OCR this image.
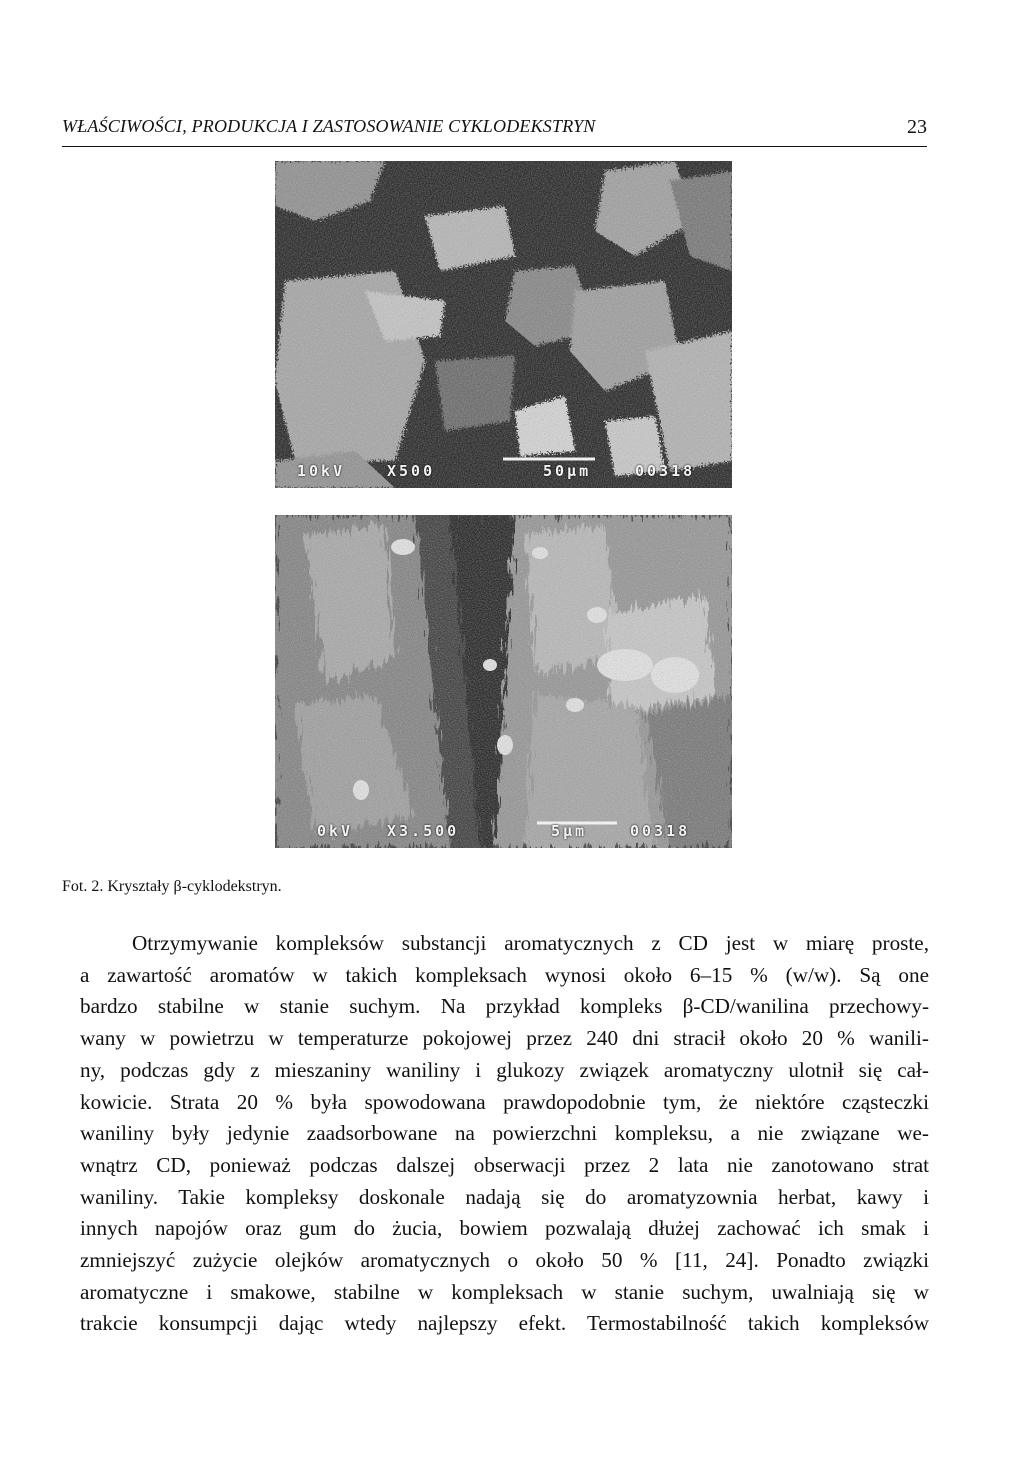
WŁAŚCIWOŚCI, PRODUKCJA I ZASTOSOWANIE CYKLODEKSTRYN	23
10kV	X500	50µm	00318
0kV X3.500	5µm	00318
Fot. 2. Kryształy β-cyklodekstryn.

Otrzymywanie kompleksów substancji aromatycznych z CD jest w miarę proste,
a zawartość aromatów w takich kompleksach wynosi około 6–15 % (w/w). Są one
bardzo stabilne w stanie suchym. Na przykład kompleks β-CD/wanilina przechowy-
wany w powietrzu w temperaturze pokojowej przez 240 dni stracił około 20 % wanili-
ny, podczas gdy z mieszaniny waniliny i glukozy związek aromatyczny ulotnił się cał-
kowicie. Strata 20 % była spowodowana prawdopodobnie tym, że niektóre cząsteczki
waniliny były jedynie zaadsorbowane na powierzchni kompleksu, a nie związane we-
wnątrz CD, ponieważ podczas dalszej obserwacji przez 2 lata nie zanotowano strat
waniliny. Takie kompleksy doskonale nadają się do aromatyzownia herbat, kawy i
innych napojów oraz gum do żucia, bowiem pozwalają dłużej zachować ich smak i
zmniejszyć zużycie olejków aromatycznych o około 50 % [11, 24]. Ponadto związki
aromatyczne i smakowe, stabilne w kompleksach w stanie suchym, uwalniają się w
trakcie konsumpcji dając wtedy najlepszy efekt. Termostabilność takich kompleksów
